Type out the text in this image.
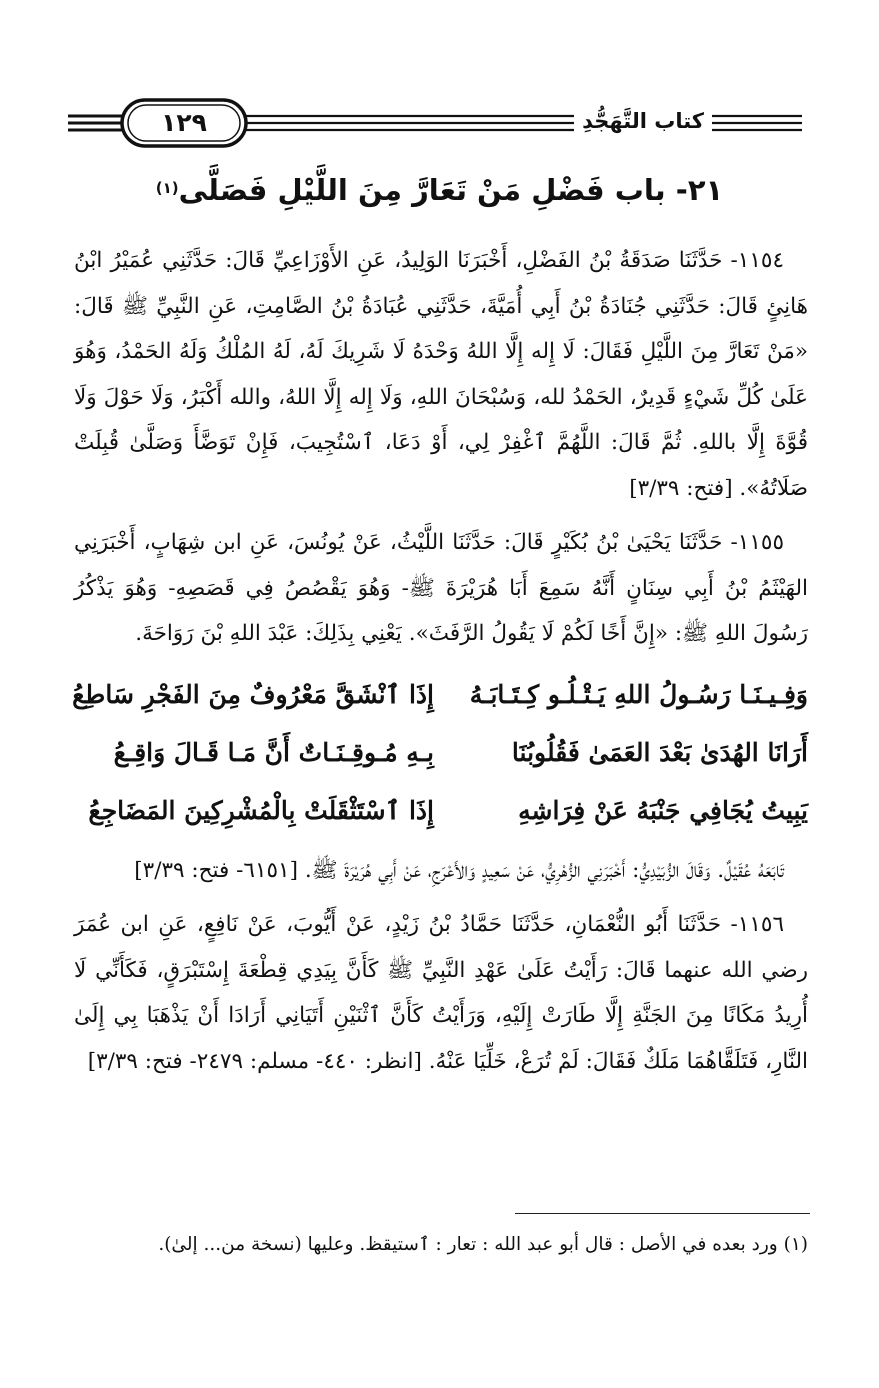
١٢٩	كتاب التَّهَجُّدِ
٢١- باب فَضْلِ مَنْ تَعَارَّ مِنَ اللَّيْلِ فَصَلَّى$^{(١)}$

١١٥٤- حَدَّثَنَا صَدَقَةُ بْنُ الفَضْلِ، أَخْبَرَنَا الوَلِيدُ، عَنِ الأَوْزَاعِيِّ قَالَ: حَدَّثَنِي عُمَيْرُ ابْنُ هَانِئٍ قَالَ: حَدَّثَنِي جُنَادَةُ بْنُ أَبِي أُمَيَّةَ، حَدَّثَنِي عُبَادَةُ بْنُ الصَّامِتِ، عَنِ النَّبِيِّ ﷺ قَالَ: «مَنْ تَعَارَّ مِنَ اللَّيْلِ فَقَالَ: لَا إِله إِلَّا اللهُ وَحْدَهُ لَا شَرِيكَ لَهُ، لَهُ المُلْكُ وَلَهُ الحَمْدُ، وَهُوَ عَلَىٰ كُلِّ شَيْءٍ قَدِيرٌ، الحَمْدُ لله، وَسُبْحَانَ اللهِ، وَلَا إِله إِلَّا اللهُ، والله أَكْبَرُ، وَلَا حَوْلَ وَلَا قُوَّةَ إِلَّا باللهِ. ثُمَّ قَالَ: اللَّهُمَّ ٱغْفِرْ لِي، أَوْ دَعَا، ٱسْتُجِيبَ، فَإِنْ تَوَضَّأَ وَصَلَّىٰ قُبِلَتْ صَلَاتُهُ». [فتح: ٣/٣٩]

١١٥٥- حَدَّثَنَا يَحْيَىٰ بْنُ بُكَيْرٍ قَالَ: حَدَّثَنَا اللَّيْثُ، عَنْ يُونُسَ، عَنِ ابن شِهَابٍ، أَخْبَرَنِي الهَيْثَمُ بْنُ أَبِي سِنَانٍ أَنَّهُ سَمِعَ أَبَا هُرَيْرَةَ ﷺ- وَهُوَ يَقْصُصُ فِي قَصَصِهِ- وَهُوَ يَذْكُرُ رَسُولَ اللهِ ﷺ: «إِنَّ أَخًا لَكُمْ لَا يَقُولُ الرَّفَثَ». يَعْنِي بِذَلِكَ: عَبْدَ اللهِ بْنَ رَوَاحَةَ.

وَفِـيـنَـا رَسُـولُ اللهِ يَـتْـلُـو كِـتَـابَـهُ
إِذَا ٱنْشَقَّ مَعْرُوفٌ مِنَ الفَجْرِ سَاطِعُ
أَرَانَا الهُدَىٰ بَعْدَ العَمَىٰ فَقُلُوبُنَا
بِـهِ مُـوقِـنَـاتٌ أَنَّ مَـا قَـالَ وَاقِـعُ
يَبِيتُ يُجَافِي جَنْبَهُ عَنْ فِرَاشِهِ
إِذَا ٱسْتَثْقَلَتْ بِالْمُشْرِكِينَ المَضَاجِعُ

تَابَعَهُ عُقَيْلٌ. وَقَالَ الزُّبَيْدِيُّ: أَخْبَرَنِي الزُّهْرِيُّ، عَنْ سَعِيدٍ وَالأَعْرَجِ، عَنْ أَبِي هُرَيْرَةَ ﷺ. [٦١٥١- فتح: ٣/٣٩]

١١٥٦- حَدَّثَنَا أَبُو النُّعْمَانِ، حَدَّثَنَا حَمَّادُ بْنُ زَيْدٍ، عَنْ أَيُّوبَ، عَنْ نَافِعٍ، عَنِ ابن عُمَرَ رضي الله عنهما قَالَ: رَأَيْتُ عَلَىٰ عَهْدِ النَّبِيِّ ﷺ كَأَنَّ بِيَدِي قِطْعَةَ إِسْتَبْرَقٍ، فَكَأَنِّي لَا أُرِيدُ مَكَانًا مِنَ الجَنَّةِ إِلَّا طَارَتْ إِلَيْهِ، وَرَأَيْتُ كَأَنَّ ٱثْنَيْنِ أَتَيَانِي أَرَادَا أَنْ يَذْهَبَا بِي إِلَىٰ النَّارِ، فَتَلَقَّاهُمَا مَلَكٌ فَقَالَ: لَمْ تُرَعْ، خَلِّيَا عَنْهُ. [انظر: ٤٤٠- مسلم: ٢٤٧٩- فتح: ٣/٣٩]

(١) ورد بعده في الأصل : قال أبو عبد الله : تعار : ٱستيقظ. وعليها (نسخة من... إلىٰ).
